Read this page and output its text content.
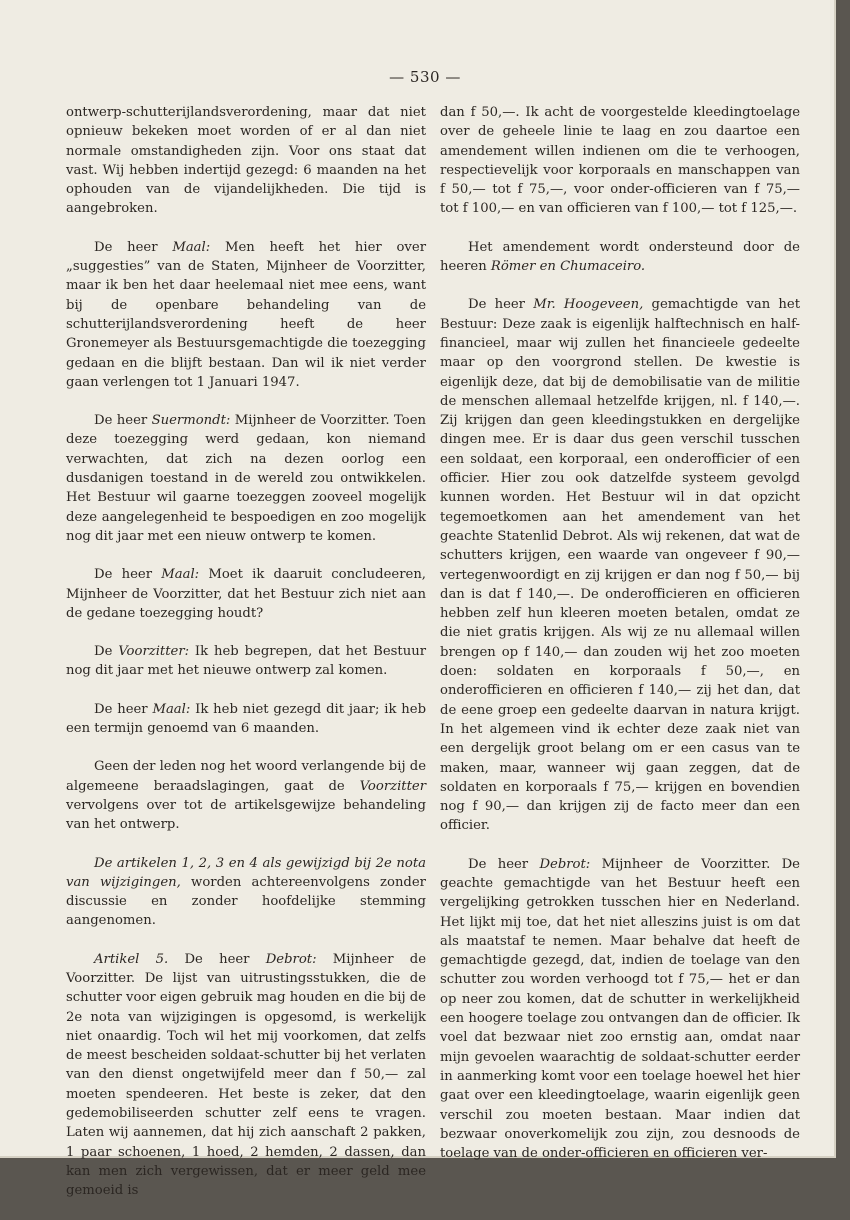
— 530 —

ontwerp-schutterijlandsverordening, maar dat niet opnieuw bekeken moet worden of er al dan niet normale omstandigheden zijn. Voor ons staat dat vast. Wij hebben indertijd gezegd: 6 maanden na het ophouden van de vijandelijkheden. Die tijd is aangebroken.

De heer Maal: Men heeft het hier over „suggesties” van de Staten, Mijnheer de Voorzitter, maar ik ben het daar heelemaal niet mee eens, want bij de openbare behandeling van de schutterijlandsverordening heeft de heer Gronemeyer als Bestuursgemachtigde die toezegging gedaan en die blijft bestaan. Dan wil ik niet verder gaan verlengen tot 1 Januari 1947.

De heer Suermondt: Mijnheer de Voorzitter. Toen deze toezegging werd gedaan, kon niemand verwachten, dat zich na dezen oorlog een dusdanigen toestand in de wereld zou ontwikkelen. Het Bestuur wil gaarne toezeggen zooveel mogelijk deze aangelegenheid te bespoedigen en zoo mogelijk nog dit jaar met een nieuw ontwerp te komen.

De heer Maal: Moet ik daaruit concludeeren, Mijnheer de Voorzitter, dat het Bestuur zich niet aan de gedane toezegging houdt?

De Voorzitter: Ik heb begrepen, dat het Bestuur nog dit jaar met het nieuwe ontwerp zal komen.

De heer Maal: Ik heb niet gezegd dit jaar; ik heb een termijn genoemd van 6 maanden.

Geen der leden nog het woord verlangende bij de algemeene beraadslagingen, gaat de Voorzitter vervolgens over tot de artikelsgewijze behandeling van het ontwerp.

De artikelen 1, 2, 3 en 4 als gewijzigd bij 2e nota van wijzigingen, worden achtereenvolgens zonder discussie en zonder hoofdelijke stemming aangenomen.

Artikel 5. De heer Debrot: Mijnheer de Voorzitter. De lijst van uitrustingsstukken, die de schutter voor eigen gebruik mag houden en die bij de 2e nota van wijzigingen is opgesomd, is werkelijk niet onaardig. Toch wil het mij voorkomen, dat zelfs de meest bescheiden soldaat-schutter bij het verlaten van den dienst ongetwijfeld meer dan f 50,— zal moeten spendeeren. Het beste is zeker, dat den gedemobiliseerden schutter zelf eens te vragen. Laten wij aannemen, dat hij zich aanschaft 2 pakken, 1 paar schoenen, 1 hoed, 2 hemden, 2 dassen, dan kan men zich vergewissen, dat er meer geld mee gemoeid is

dan f 50,—. Ik acht de voorgestelde kleedingtoelage over de geheele linie te laag en zou daartoe een amendement willen indienen om die te verhoogen, respectievelijk voor korporaals en manschappen van f 50,— tot f 75,—, voor onder-officieren van f 75,— tot f 100,— en van officieren van f 100,— tot f 125,—.

Het amendement wordt ondersteund door de heeren Römer en Chumaceiro.

De heer Mr. Hoogeveen, gemachtigde van het Bestuur: Deze zaak is eigenlijk halftechnisch en half-financieel, maar wij zullen het financieele gedeelte maar op den voorgrond stellen. De kwestie is eigenlijk deze, dat bij de demobilisatie van de militie de menschen allemaal hetzelfde krijgen, nl. f 140,—. Zij krijgen dan geen kleedingstukken en dergelijke dingen mee. Er is daar dus geen verschil tusschen een soldaat, een korporaal, een onderofficier of een officier. Hier zou ook datzelfde systeem gevolgd kunnen worden. Het Bestuur wil in dat opzicht tegemoetkomen aan het amendement van het geachte Statenlid Debrot. Als wij rekenen, dat wat de schutters krijgen, een waarde van ongeveer f 90,— vertegenwoordigt en zij krijgen er dan nog f 50,— bij dan is dat f 140,—. De onderofficieren en officieren hebben zelf hun kleeren moeten betalen, omdat ze die niet gratis krijgen. Als wij ze nu allemaal willen brengen op f 140,— dan zouden wij het zoo moeten doen: soldaten en korporaals f 50,—, en onderofficieren en officieren f 140,— zij het dan, dat de eene groep een gedeelte daarvan in natura krijgt. In het algemeen vind ik echter deze zaak niet van een dergelijk groot belang om er een casus van te maken, maar, wanneer wij gaan zeggen, dat de soldaten en korporaals f 75,— krijgen en bovendien nog f 90,— dan krijgen zij de facto meer dan een officier.

De heer Debrot: Mijnheer de Voorzitter. De geachte gemachtigde van het Bestuur heeft een vergelijking getrokken tusschen hier en Nederland. Het lijkt mij toe, dat het niet alleszins juist is om dat als maatstaf te nemen. Maar behalve dat heeft de gemachtigde gezegd, dat, indien de toelage van den schutter zou worden verhoogd tot f 75,— het er dan op neer zou komen, dat de schutter in werkelijkheid een hoogere toelage zou ontvangen dan de officier. Ik voel dat bezwaar niet zoo ernstig aan, omdat naar mijn gevoelen waarachtig de soldaat-schutter eerder in aanmerking komt voor een toelage hoewel het hier gaat over een kleedingtoelage, waarin eigenlijk geen verschil zou moeten bestaan. Maar indien dat bezwaar onoverkomelijk zou zijn, zou desnoods de toelage van de onder-officieren en officieren ver-
